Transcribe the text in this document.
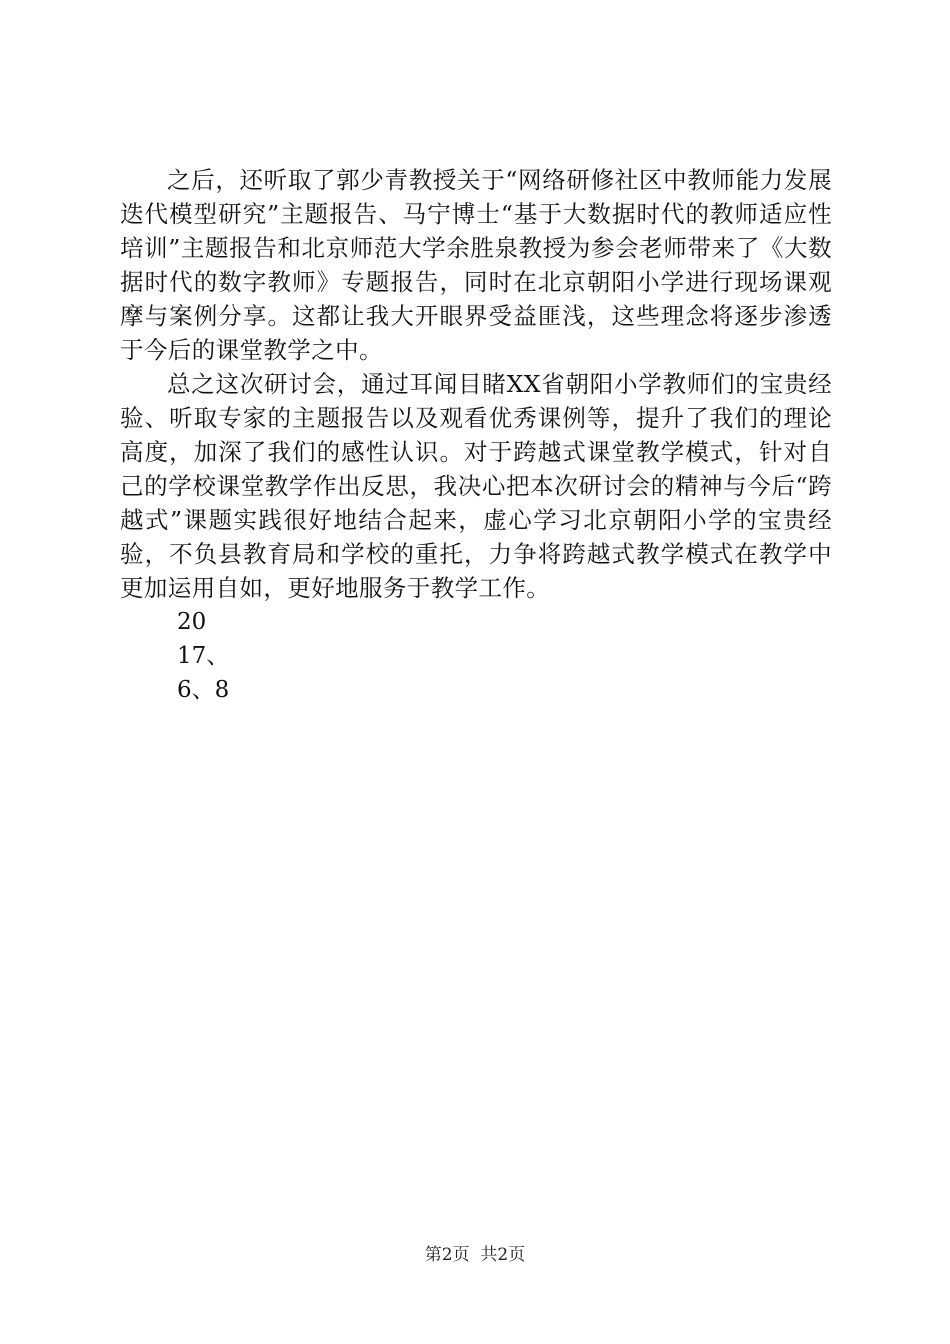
之后，还听取了郭少青教授关于“网络研修社区中教师能力发展迭代模型研究”主题报告、马宁博士“基于大数据时代的教师适应性培训”主题报告和北京师范大学余胜泉教授为参会老师带来了《大数据时代的数字教师》专题报告，同时在北京朝阳小学进行现场课观摩与案例分享。这都让我大开眼界受益匪浅，这些理念将逐步渗透于今后的课堂教学之中。

总之这次研讨会，通过耳闻目睹XX省朝阳小学教师们的宝贵经验、听取专家的主题报告以及观看优秀课例等，提升了我们的理论高度，加深了我们的感性认识。对于跨越式课堂教学模式，针对自己的学校课堂教学作出反思，我决心把本次研讨会的精神与今后“跨越式”课题实践很好地结合起来，虚心学习北京朝阳小学的宝贵经验，不负县教育局和学校的重托，力争将跨越式教学模式在教学中更加运用自如，更好地服务于教学工作。

20

17、

6、8

第2页  共2页
